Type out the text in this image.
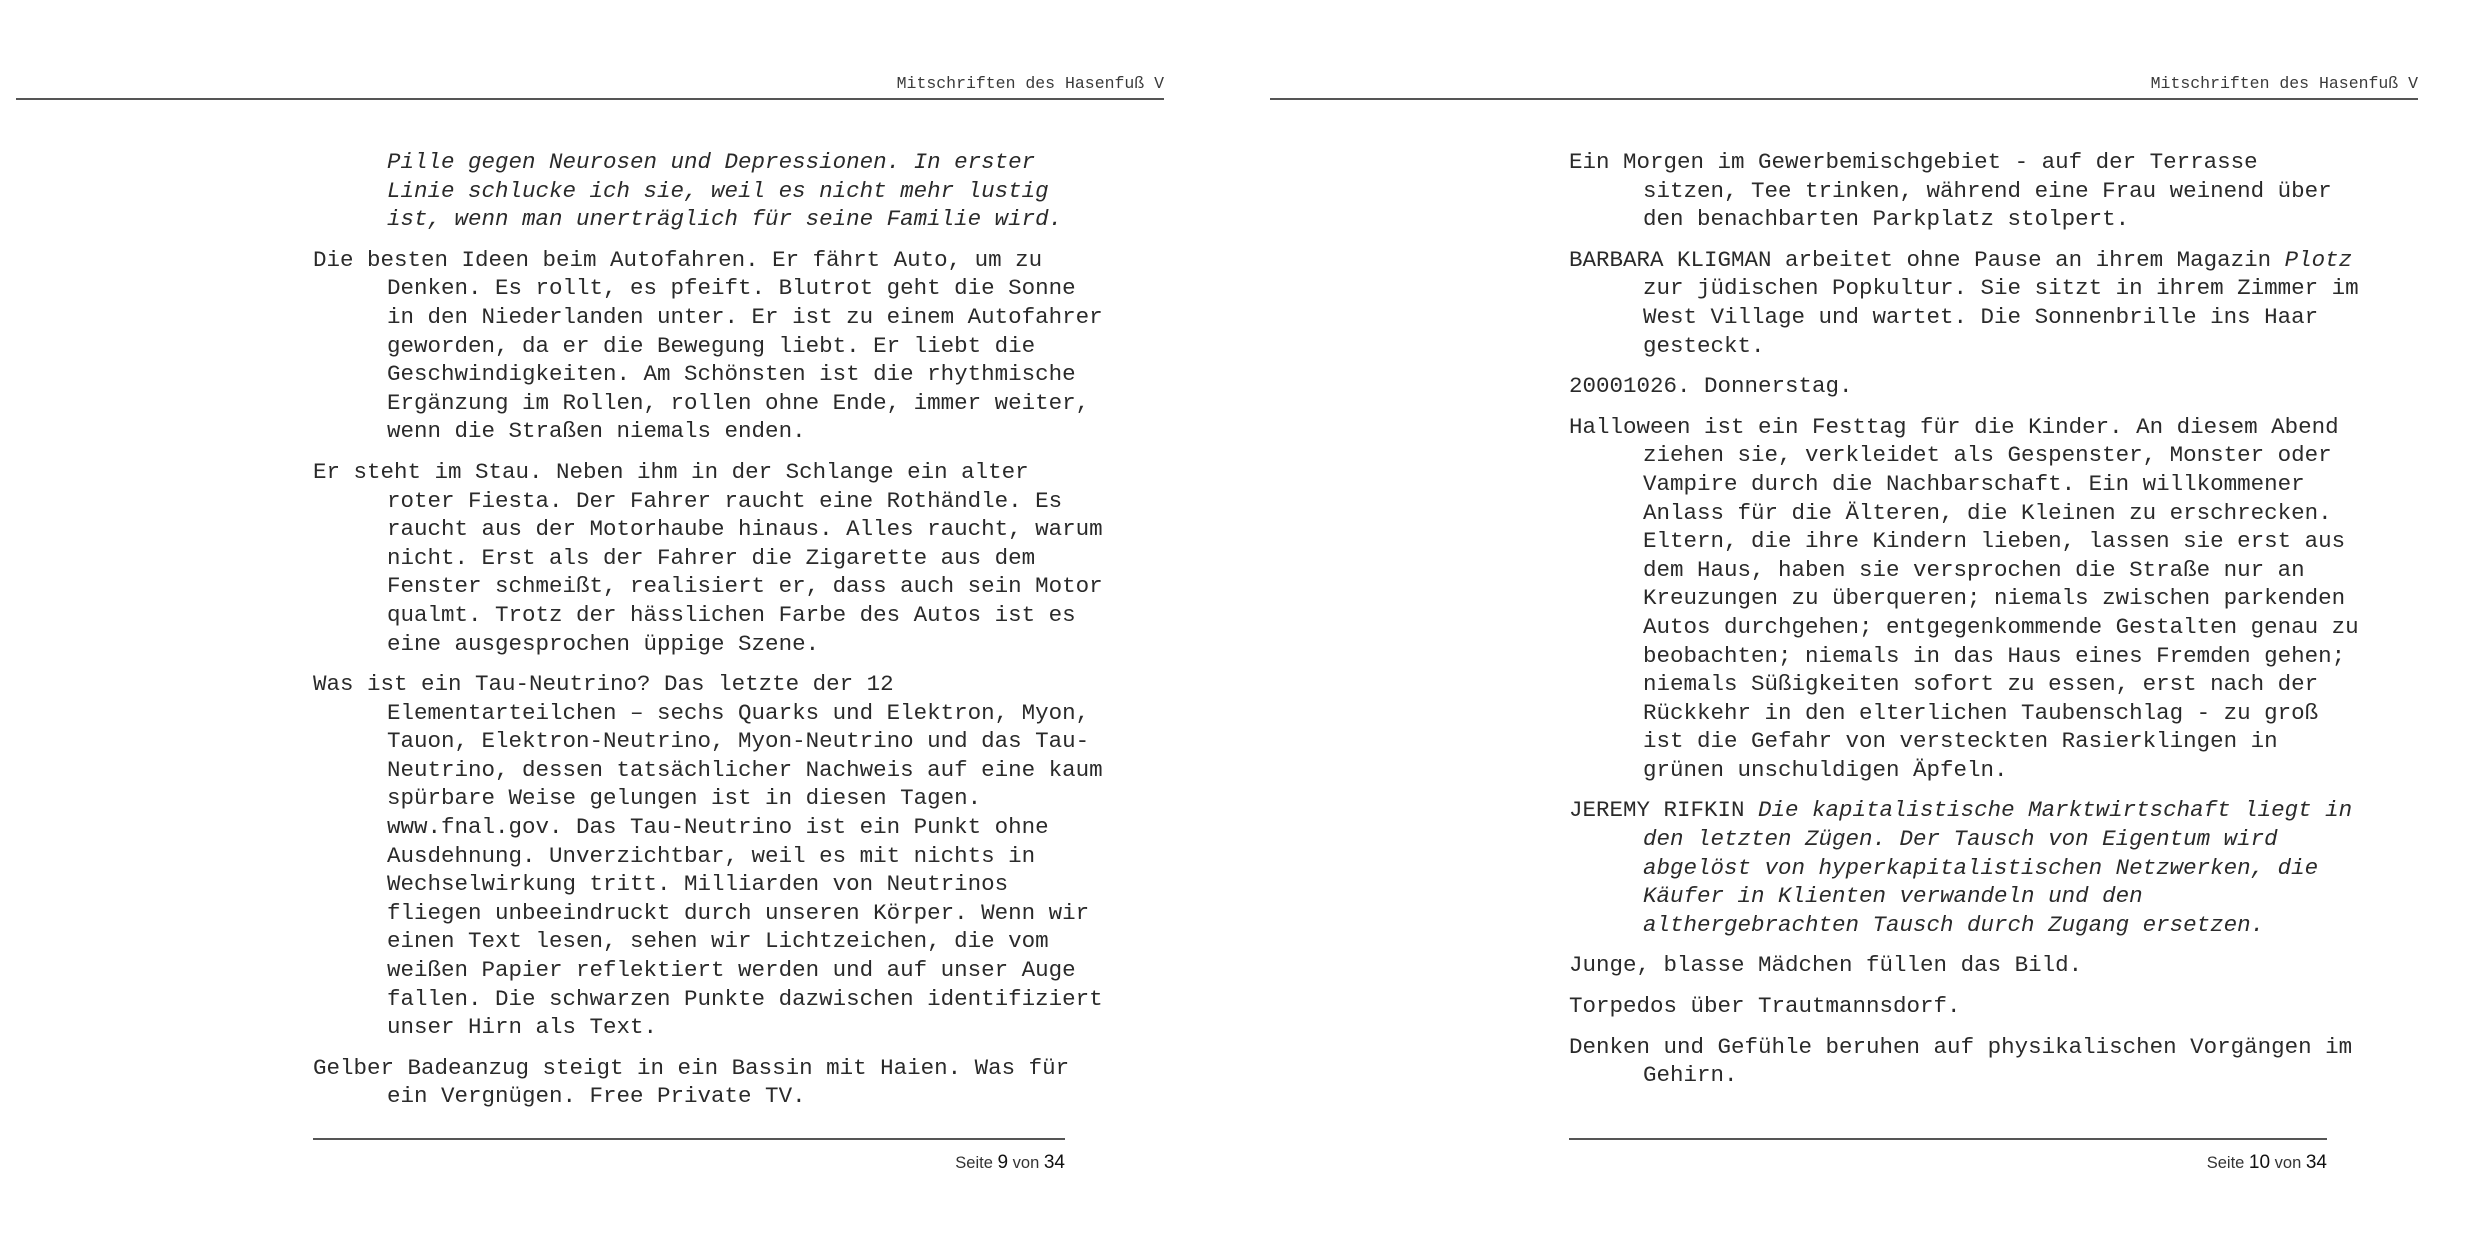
Mitschriften des Hasenfuß V

Pille gegen Neurosen und Depressionen. In erster Linie schlucke ich sie, weil es nicht mehr lustig ist, wenn man unerträglich für seine Familie wird.

Die besten Ideen beim Autofahren. Er fährt Auto, um zu Denken. Es rollt, es pfeift. Blutrot geht die Sonne in den Niederlanden unter. Er ist zu einem Autofahrer geworden, da er die Bewegung liebt. Er liebt die Geschwindigkeiten. Am Schönsten ist die rhythmische Ergänzung im Rollen, rollen ohne Ende, immer weiter, wenn die Straßen niemals enden.

Er steht im Stau. Neben ihm in der Schlange ein alter roter Fiesta. Der Fahrer raucht eine Rothändle. Es raucht aus der Motorhaube hinaus. Alles raucht, warum nicht. Erst als der Fahrer die Zigarette aus dem Fenster schmeißt, realisiert er, dass auch sein Motor qualmt. Trotz der hässlichen Farbe des Autos ist es eine ausgesprochen üppige Szene.

Was ist ein Tau-Neutrino? Das letzte der 12 Elementarteilchen – sechs Quarks und Elektron, Myon, Tauon, Elektron-Neutrino, Myon-Neutrino und das Tau-Neutrino, dessen tatsächlicher Nachweis auf eine kaum spürbare Weise gelungen ist in diesen Tagen. www.fnal.gov. Das Tau-Neutrino ist ein Punkt ohne Ausdehnung. Unverzichtbar, weil es mit nichts in Wechselwirkung tritt. Milliarden von Neutrinos fliegen unbeeindruckt durch unseren Körper. Wenn wir einen Text lesen, sehen wir Lichtzeichen, die vom weißen Papier reflektiert werden und auf unser Auge fallen. Die schwarzen Punkte dazwischen identifiziert unser Hirn als Text.

Gelber Badeanzug steigt in ein Bassin mit Haien. Was für ein Vergnügen. Free Private TV.

Seite 9 von 34
Mitschriften des Hasenfuß V

Ein Morgen im Gewerbemischgebiet - auf der Terrasse sitzen, Tee trinken, während eine Frau weinend über den benachbarten Parkplatz stolpert.

BARBARA KLIGMAN arbeitet ohne Pause an ihrem Magazin Plotz zur jüdischen Popkultur. Sie sitzt in ihrem Zimmer im West Village und wartet. Die Sonnenbrille ins Haar gesteckt.

20001026. Donnerstag.

Halloween ist ein Festtag für die Kinder. An diesem Abend ziehen sie, verkleidet als Gespenster, Monster oder Vampire durch die Nachbarschaft. Ein willkommener Anlass für die Älteren, die Kleinen zu erschrecken. Eltern, die ihre Kindern lieben, lassen sie erst aus dem Haus, haben sie versprochen die Straße nur an Kreuzungen zu überqueren; niemals zwischen parkenden Autos durchgehen; entgegenkommende Gestalten genau zu beobachten; niemals in das Haus eines Fremden gehen; niemals Süßigkeiten sofort zu essen, erst nach der Rückkehr in den elterlichen Taubenschlag - zu groß ist die Gefahr von versteckten Rasierklingen in grünen unschuldigen Äpfeln.

JEREMY RIFKIN Die kapitalistische Marktwirtschaft liegt in den letzten Zügen. Der Tausch von Eigentum wird abgelöst von hyperkapitalistischen Netzwerken, die Käufer in Klienten verwandeln und den althergebrachten Tausch durch Zugang ersetzen.

Junge, blasse Mädchen füllen das Bild.

Torpedos über Trautmannsdorf.

Denken und Gefühle beruhen auf physikalischen Vorgängen im Gehirn.

Seite 10 von 34
